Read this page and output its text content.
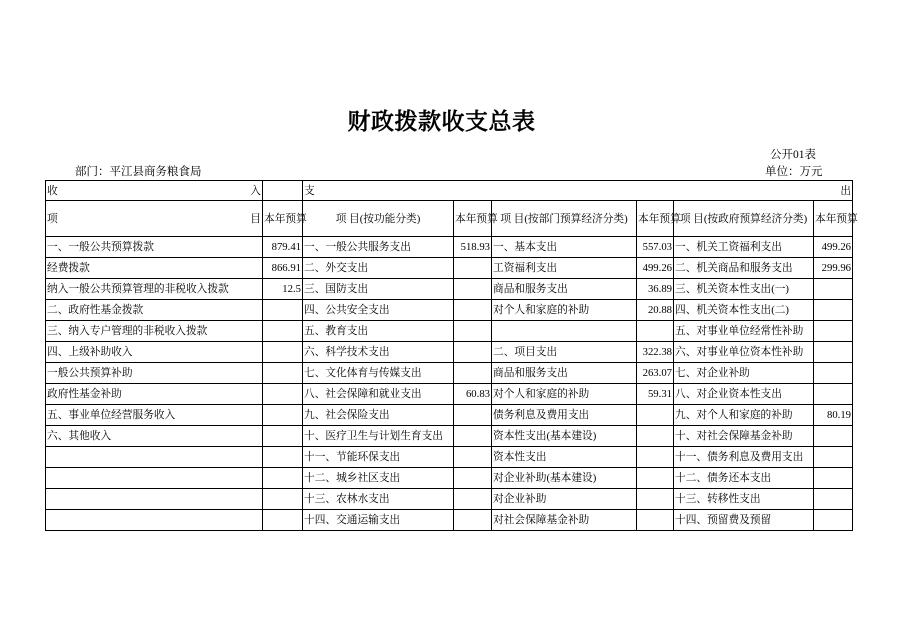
财政拨款收支总表
公开01表
部门：平江县商务粮食局	单位：万元
收入		支出					
项目	本年预算	项 目(按功能分类)	本年预算	项 目(按部门预算经济分类)	本年预算	项 目(按政府预算经济分类)	本年预算
一、一般公共预算拨款	879.41	一、一般公共服务支出	518.93	一、基本支出	557.03	一、机关工资福利支出	499.26
经费拨款	866.91	二、外交支出		工资福利支出	499.26	二、机关商品和服务支出	299.96
纳入一般公共预算管理的非税收入拨款	12.5	三、国防支出		商品和服务支出	36.89	三、机关资本性支出(一)	
二、政府性基金拨款		四、公共安全支出		对个人和家庭的补助	20.88	四、机关资本性支出(二)	
三、纳入专户管理的非税收入拨款		五、教育支出				五、对事业单位经常性补助	
四、上级补助收入		六、科学技术支出		二、项目支出	322.38	六、对事业单位资本性补助	
一般公共预算补助		七、文化体育与传媒支出		商品和服务支出	263.07	七、对企业补助	
政府性基金补助		八、社会保障和就业支出	60.83	对个人和家庭的补助	59.31	八、对企业资本性支出	
五、事业单位经营服务收入		九、社会保险支出		债务利息及费用支出		九、对个人和家庭的补助	80.19
六、其他收入		十、医疗卫生与计划生育支出		资本性支出(基本建设)		十、对社会保障基金补助	
		十一、节能环保支出		资本性支出		十一、债务利息及费用支出	
		十二、城乡社区支出		对企业补助(基本建设)		十二、债务还本支出	
		十三、农林水支出		对企业补助		十三、转移性支出	
		十四、交通运输支出		对社会保障基金补助		十四、预留费及预留	
